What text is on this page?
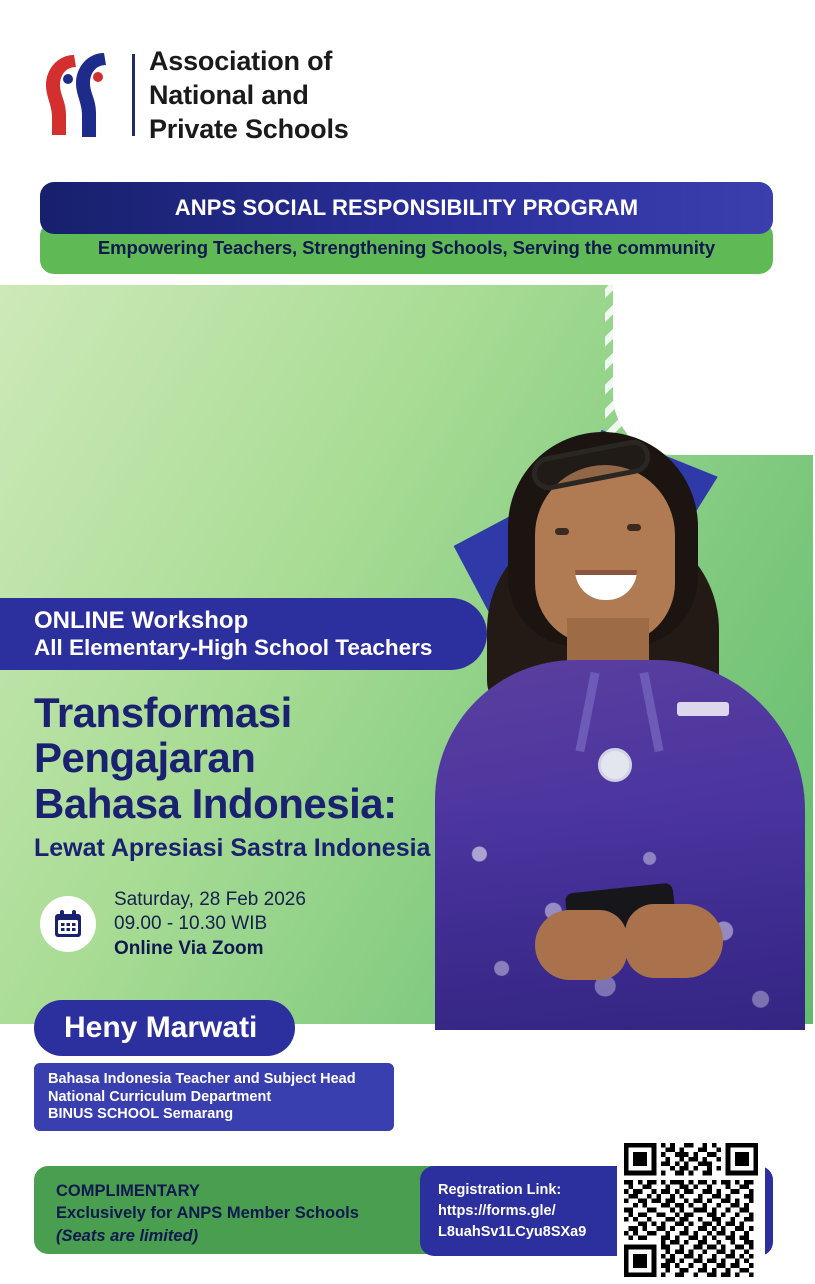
Association of
National and
Private Schools
Empowering Teachers, Strengthening Schools, Serving the community
ANPS SOCIAL RESPONSIBILITY PROGRAM
ONLINE Workshop
All Elementary-High School Teachers
Transformasi
Pengajaran
Bahasa Indonesia:
Lewat Apresiasi Sastra Indonesia
Saturday, 28 Feb 2026
09.00 - 10.30 WIB
Online Via Zoom
Heny Marwati
Bahasa Indonesia Teacher and Subject Head
National Curriculum Department
BINUS SCHOOL Semarang
COMPLIMENTARY
Exclusively for ANPS Member Schools
(Seats are limited)
Registration Link:
https://forms.gle/
L8uahSv1LCyu8SXa9
